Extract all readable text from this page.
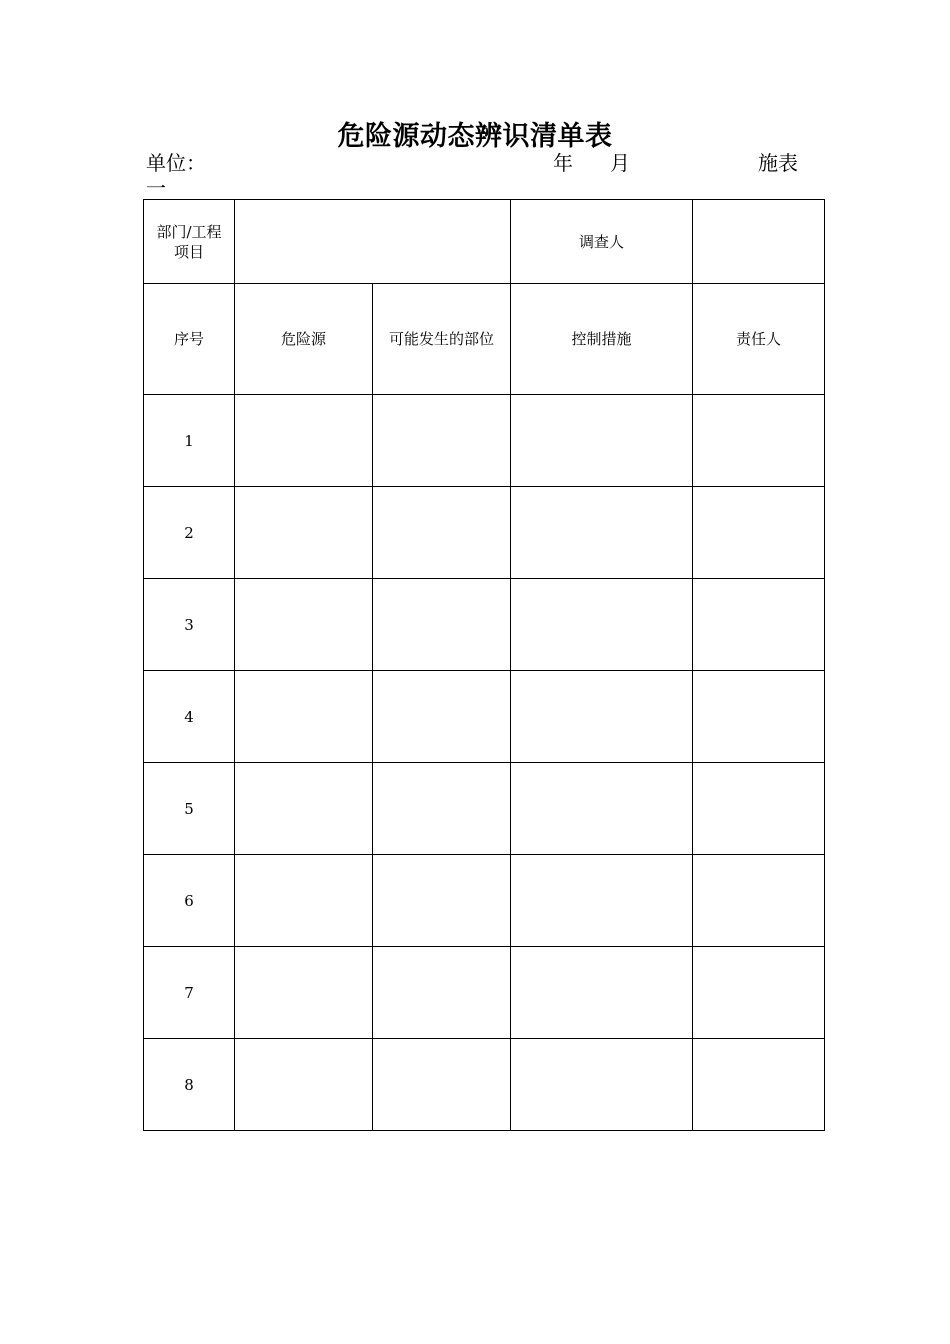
危险源动态辨识清单表
单位：	年 月	施表
一
部门/工程
项目			调查人	
序号	危险源	可能发生的部位	控制措施	责任人
1				
2				
3				
4				
5				
6				
7				
8				
